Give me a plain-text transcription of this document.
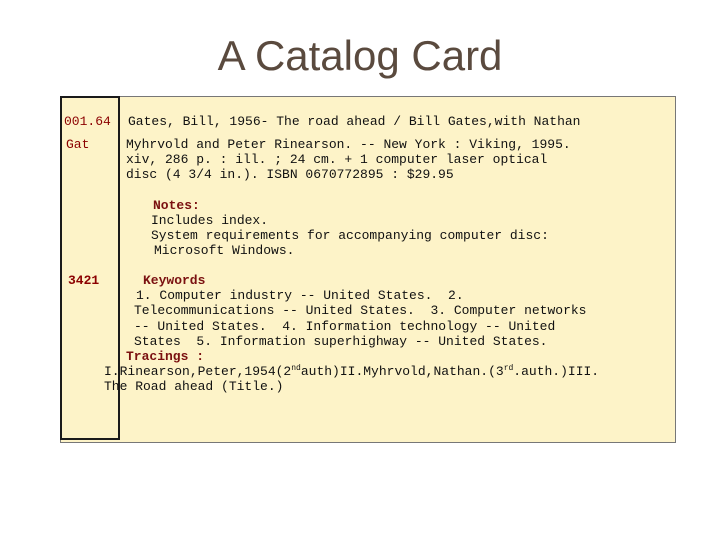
A Catalog Card
001.64 Gates, Bill, 1956- The road ahead / Bill Gates,with Nathan
Gat	Myhrvold and Peter Rinearson. -- New York : Viking, 1995.
xiv, 286 p. : ill. ; 24 cm. + 1 computer laser optical
disc (4 3/4 in.). ISBN 0670772895 : $29.95
Notes:
Includes index.
System requirements for accompanying computer disc:
Microsoft Windows.
3421	Keywords
1. Computer industry -- United States.  2.
Telecommunications -- United States.  3. Computer networks
-- United States.  4. Information technology -- United
States  5. Information superhighway -- United States.
Tracings :
I.Rinearson,Peter,1954(2ndauth)II.Myhrvold,Nathan.(3rd.auth.)III.
The Road ahead (Title.)
